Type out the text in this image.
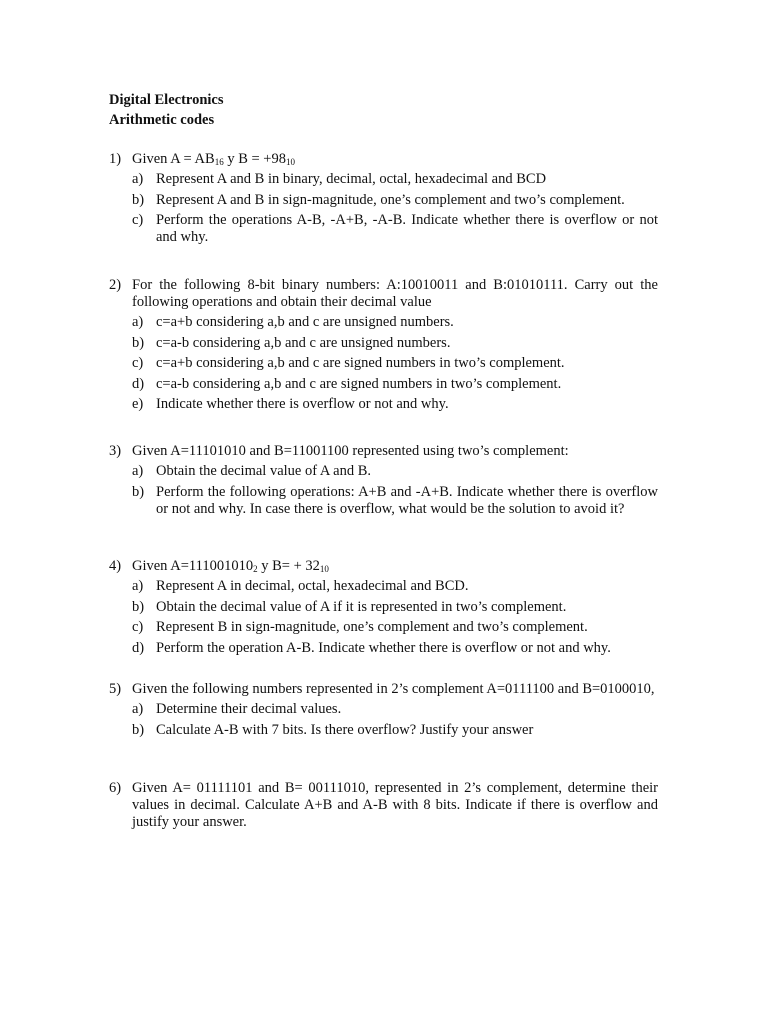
Digital Electronics
Arithmetic codes
1) Given $A = AB_{16}$ y $B = +98_{10}$
a) Represent A and B in binary, decimal, octal, hexadecimal and BCD
b) Represent A and B in sign-magnitude, one’s complement and two’s complement.
c) Perform the operations A-B, -A+B, -A-B. Indicate whether there is overflow or not and why.
2) For the following 8-bit binary numbers: A:10010011 and B:01010111. Carry out the following operations and obtain their decimal value
a) c=a+b considering a,b and c are unsigned numbers.
b) c=a-b considering a,b and c are unsigned numbers.
c) c=a+b considering a,b and c are signed numbers in two’s complement.
d) c=a-b considering a,b and c are signed numbers in two’s complement.
e) Indicate whether there is overflow or not and why.
3) Given A=11101010 and B=11001100 represented using two’s complement:
a) Obtain the decimal value of A and B.
b) Perform the following operations: A+B and -A+B. Indicate whether there is overflow or not and why. In case there is overflow, what would be the solution to avoid it?
4) Given $A=111001010_2$ y $B= + 32_{10}$
a) Represent A in decimal, octal, hexadecimal and BCD.
b) Obtain the decimal value of A if it is represented in two’s complement.
c) Represent B in sign-magnitude, one’s complement and two’s complement.
d) Perform the operation A-B. Indicate whether there is overflow or not and why.
5) Given the following numbers represented in 2’s complement A=0111100 and B=0100010,
a) Determine their decimal values.
b) Calculate A-B with 7 bits. Is there overflow? Justify your answer
6) Given A= 01111101 and B= 00111010, represented in 2’s complement, determine their values in decimal. Calculate A+B and A-B with 8 bits. Indicate if there is overflow and justify your answer.
